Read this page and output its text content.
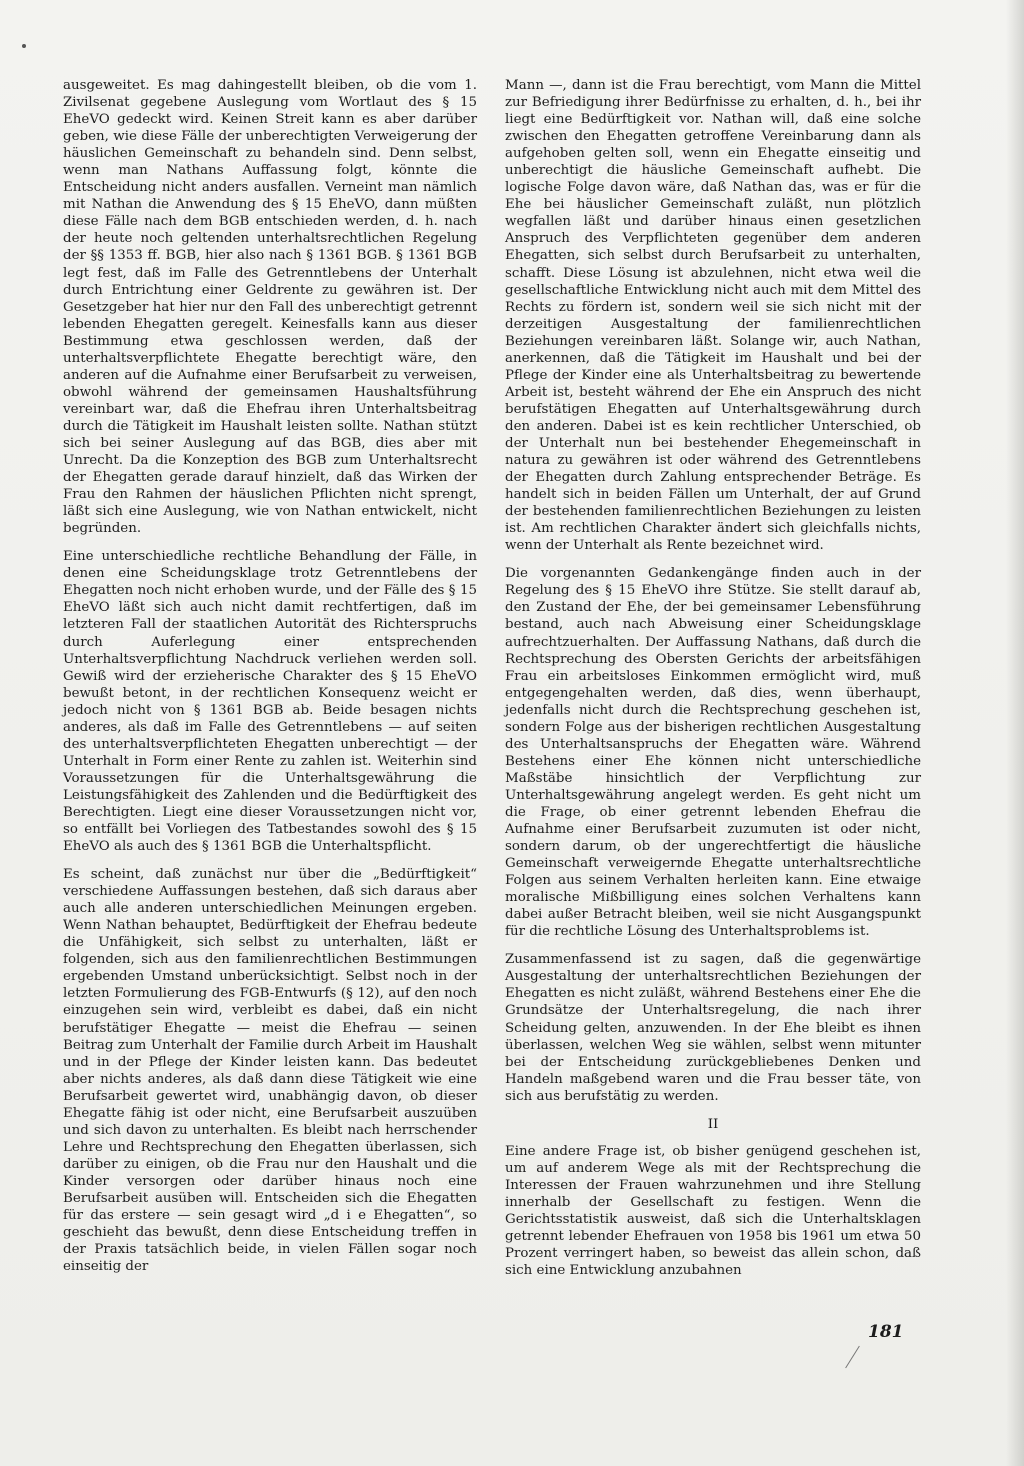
ausgeweitet. Es mag dahingestellt bleiben, ob die vom 1. Zivilsenat gegebene Auslegung vom Wortlaut des § 15 EheVO gedeckt wird. Keinen Streit kann es aber darüber geben, wie diese Fälle der unberechtigten Verweigerung der häuslichen Gemeinschaft zu behandeln sind. Denn selbst, wenn man Nathans Auffassung folgt, könnte die Entscheidung nicht anders ausfallen. Verneint man nämlich mit Nathan die Anwendung des § 15 EheVO, dann müßten diese Fälle nach dem BGB entschieden werden, d. h. nach der heute noch geltenden unterhaltsrechtlichen Regelung der §§ 1353 ff. BGB, hier also nach § 1361 BGB. § 1361 BGB legt fest, daß im Falle des Getrenntlebens der Unterhalt durch Entrichtung einer Geldrente zu gewähren ist. Der Gesetzgeber hat hier nur den Fall des unberechtigt getrennt lebenden Ehegatten geregelt. Keinesfalls kann aus dieser Bestimmung etwa geschlossen werden, daß der unterhaltsverpflichtete Ehegatte berechtigt wäre, den anderen auf die Aufnahme einer Berufsarbeit zu verweisen, obwohl während der gemeinsamen Haushaltsführung vereinbart war, daß die Ehefrau ihren Unterhaltsbeitrag durch die Tätigkeit im Haushalt leisten sollte. Nathan stützt sich bei seiner Auslegung auf das BGB, dies aber mit Unrecht. Da die Konzeption des BGB zum Unterhaltsrecht der Ehegatten gerade darauf hinzielt, daß das Wirken der Frau den Rahmen der häuslichen Pflichten nicht sprengt, läßt sich eine Auslegung, wie von Nathan entwickelt, nicht begründen.

Eine unterschiedliche rechtliche Behandlung der Fälle, in denen eine Scheidungsklage trotz Getrenntlebens der Ehegatten noch nicht erhoben wurde, und der Fälle des § 15 EheVO läßt sich auch nicht damit rechtfertigen, daß im letzteren Fall der staatlichen Autorität des Richterspruchs durch Auferlegung einer entsprechenden Unterhaltsverpflichtung Nachdruck verliehen werden soll. Gewiß wird der erzieherische Charakter des § 15 EheVO bewußt betont, in der rechtlichen Konsequenz weicht er jedoch nicht von § 1361 BGB ab. Beide besagen nichts anderes, als daß im Falle des Getrenntlebens — auf seiten des unterhaltsverpflichteten Ehegatten unberechtigt — der Unterhalt in Form einer Rente zu zahlen ist. Weiterhin sind Voraussetzungen für die Unterhaltsgewährung die Leistungsfähigkeit des Zahlenden und die Bedürftigkeit des Berechtigten. Liegt eine dieser Voraussetzungen nicht vor, so entfällt bei Vorliegen des Tatbestandes sowohl des § 15 EheVO als auch des § 1361 BGB die Unterhaltspflicht.

Es scheint, daß zunächst nur über die „Bedürftigkeit“ verschiedene Auffassungen bestehen, daß sich daraus aber auch alle anderen unterschiedlichen Meinungen ergeben. Wenn Nathan behauptet, Bedürftigkeit der Ehefrau bedeute die Unfähigkeit, sich selbst zu unterhalten, läßt er folgenden, sich aus den familienrechtlichen Bestimmungen ergebenden Umstand unberücksichtigt. Selbst noch in der letzten Formulierung des FGB-Entwurfs (§ 12), auf den noch einzugehen sein wird, verbleibt es dabei, daß ein nicht berufstätiger Ehegatte — meist die Ehefrau — seinen Beitrag zum Unterhalt der Familie durch Arbeit im Haushalt und in der Pflege der Kinder leisten kann. Das bedeutet aber nichts anderes, als daß dann diese Tätigkeit wie eine Berufsarbeit gewertet wird, unabhängig davon, ob dieser Ehegatte fähig ist oder nicht, eine Berufsarbeit auszuüben und sich davon zu unterhalten. Es bleibt nach herrschender Lehre und Rechtsprechung den Ehegatten überlassen, sich darüber zu einigen, ob die Frau nur den Haushalt und die Kinder versorgen oder darüber hinaus noch eine Berufsarbeit ausüben will. Entscheiden sich die Ehegatten für das erstere — sein gesagt wird „d i e Ehegatten“, so geschieht das bewußt, denn diese Entscheidung treffen in der Praxis tatsächlich beide, in vielen Fällen sogar noch einseitig der

Mann —, dann ist die Frau berechtigt, vom Mann die Mittel zur Befriedigung ihrer Bedürfnisse zu erhalten, d. h., bei ihr liegt eine Bedürftigkeit vor. Nathan will, daß eine solche zwischen den Ehegatten getroffene Vereinbarung dann als aufgehoben gelten soll, wenn ein Ehegatte einseitig und unberechtigt die häusliche Gemeinschaft aufhebt. Die logische Folge davon wäre, daß Nathan das, was er für die Ehe bei häuslicher Gemeinschaft zuläßt, nun plötzlich wegfallen läßt und darüber hinaus einen gesetzlichen Anspruch des Verpflichteten gegenüber dem anderen Ehegatten, sich selbst durch Berufsarbeit zu unterhalten, schafft. Diese Lösung ist abzulehnen, nicht etwa weil die gesellschaftliche Entwicklung nicht auch mit dem Mittel des Rechts zu fördern ist, sondern weil sie sich nicht mit der derzeitigen Ausgestaltung der familienrechtlichen Beziehungen vereinbaren läßt. Solange wir, auch Nathan, anerkennen, daß die Tätigkeit im Haushalt und bei der Pflege der Kinder eine als Unterhaltsbeitrag zu bewertende Arbeit ist, besteht während der Ehe ein Anspruch des nicht berufstätigen Ehegatten auf Unterhaltsgewährung durch den anderen. Dabei ist es kein rechtlicher Unterschied, ob der Unterhalt nun bei bestehender Ehegemeinschaft in natura zu gewähren ist oder während des Getrenntlebens der Ehegatten durch Zahlung entsprechender Beträge. Es handelt sich in beiden Fällen um Unterhalt, der auf Grund der bestehenden familienrechtlichen Beziehungen zu leisten ist. Am rechtlichen Charakter ändert sich gleichfalls nichts, wenn der Unterhalt als Rente bezeichnet wird.

Die vorgenannten Gedankengänge finden auch in der Regelung des § 15 EheVO ihre Stütze. Sie stellt darauf ab, den Zustand der Ehe, der bei gemeinsamer Lebensführung bestand, auch nach Abweisung einer Scheidungsklage aufrechtzuerhalten. Der Auffassung Nathans, daß durch die Rechtsprechung des Obersten Gerichts der arbeitsfähigen Frau ein arbeitsloses Einkommen ermöglicht wird, muß entgegengehalten werden, daß dies, wenn überhaupt, jedenfalls nicht durch die Rechtsprechung geschehen ist, sondern Folge aus der bisherigen rechtlichen Ausgestaltung des Unterhaltsanspruchs der Ehegatten wäre. Während Bestehens einer Ehe können nicht unterschiedliche Maßstäbe hinsichtlich der Verpflichtung zur Unterhaltsgewährung angelegt werden. Es geht nicht um die Frage, ob einer getrennt lebenden Ehefrau die Aufnahme einer Berufsarbeit zuzumuten ist oder nicht, sondern darum, ob der ungerechtfertigt die häusliche Gemeinschaft verweigernde Ehegatte unterhaltsrechtliche Folgen aus seinem Verhalten herleiten kann. Eine etwaige moralische Mißbilligung eines solchen Verhaltens kann dabei außer Betracht bleiben, weil sie nicht Ausgangspunkt für die rechtliche Lösung des Unterhaltsproblems ist.

Zusammenfassend ist zu sagen, daß die gegenwärtige Ausgestaltung der unterhaltsrechtlichen Beziehungen der Ehegatten es nicht zuläßt, während Bestehens einer Ehe die Grundsätze der Unterhaltsregelung, die nach ihrer Scheidung gelten, anzuwenden. In der Ehe bleibt es ihnen überlassen, welchen Weg sie wählen, selbst wenn mitunter bei der Entscheidung zurückgebliebenes Denken und Handeln maßgebend waren und die Frau besser täte, von sich aus berufstätig zu werden.

II

Eine andere Frage ist, ob bisher genügend geschehen ist, um auf anderem Wege als mit der Rechtsprechung die Interessen der Frauen wahrzunehmen und ihre Stellung innerhalb der Gesellschaft zu festigen. Wenn die Gerichtsstatistik ausweist, daß sich die Unterhaltsklagen getrennt lebender Ehefrauen von 1958 bis 1961 um etwa 50 Prozent verringert haben, so beweist das allein schon, daß sich eine Entwicklung anzubahnen

181
